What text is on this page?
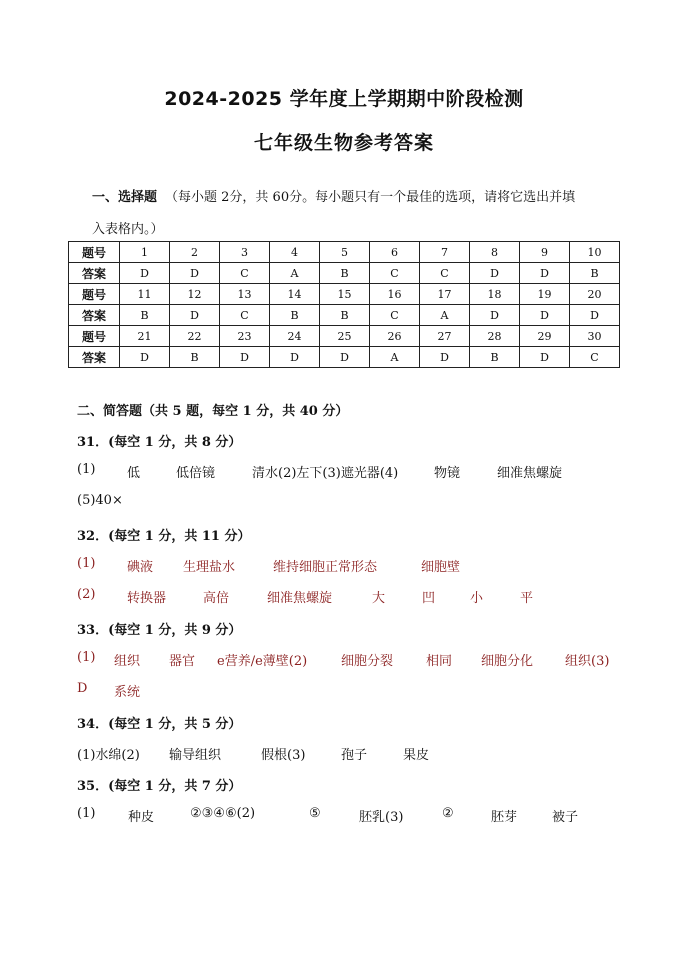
2024-2025 学年度上学期期中阶段检测
七年级生物参考答案
一、选择题 （每小题 2分，共 60分。每小题只有一个最佳的选项，请将它选出并填
入表格内。）
题号	1	2	3	4	5	6	7	8	9	10
答案	D	D	C	A	B	C	C	D	D	B
题号	11	12	13	14	15	16	17	18	19	20
答案	B	D	C	B	B	C	A	D	D	D
题号	21	22	23	24	25	26	27	28	29	30
答案	D	B	D	D	D	A	D	B	D	C
二、简答题（共 5 题，每空 1 分，共 40 分）
31．(每空 1 分，共 8 分）
(1) 低	低倍镜	清水(2)左下(3)遮光器(4)	物镜	细准焦螺旋
(5)40×
32．(每空 1 分，共 11 分）
(1) 碘液 生理盐水	维持细胞正常形态	细胞壁
(2) 转换器	高倍	细准焦螺旋	大	凹	小	平
33．(每空 1 分，共 9 分）
(1) 组织 器官 e营养/e薄壁(2)	细胞分裂	相同 细胞分化 组织(3)
D 系统
34．(每空 1 分，共 5 分）
(1)水绵(2) 输导组织	假根(3)	孢子	果皮
35．(每空 1 分，共 7 分）
(1)	种皮	②③④⑥(2)	⑤	胚乳(3)	②	胚芽	被子
